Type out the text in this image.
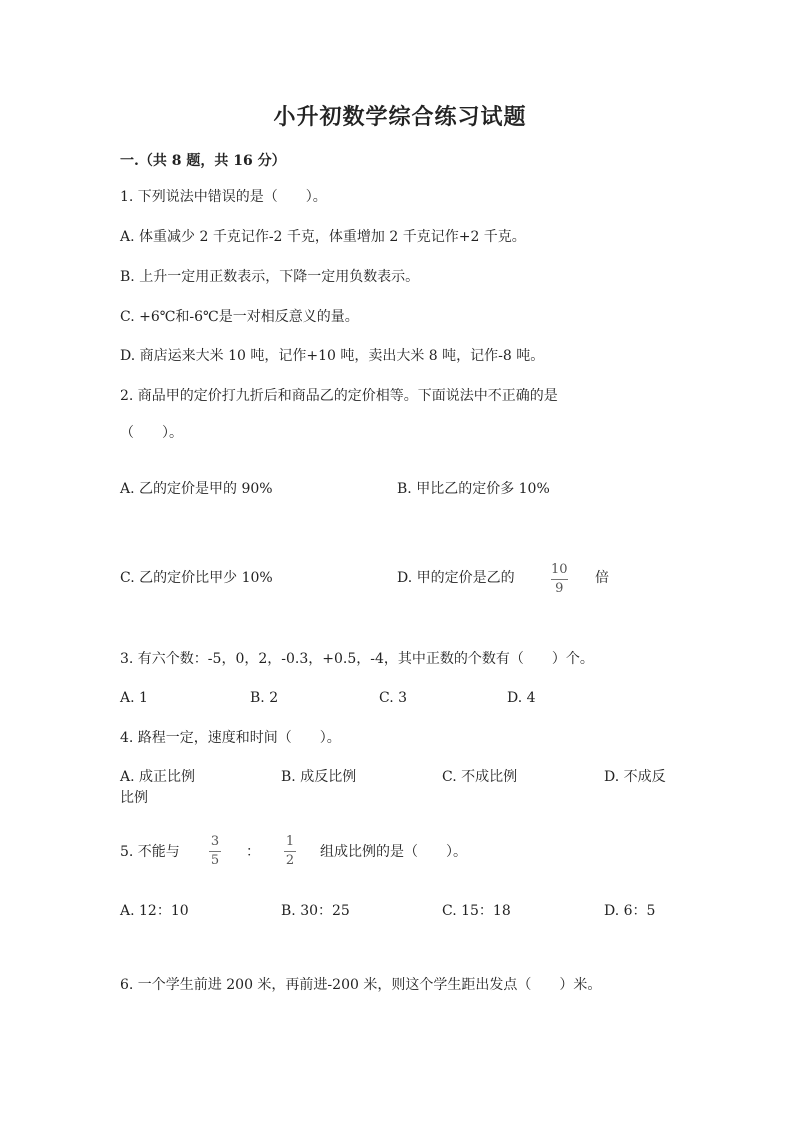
小升初数学综合练习试题
一.（共 8 题，共 16 分）
1. 下列说法中错误的是（　　）。
A. 体重减少 2 千克记作-2 千克，体重增加 2 千克记作+2 千克。
B. 上升一定用正数表示，下降一定用负数表示。
C. +6℃和-6℃是一对相反意义的量。
D. 商店运来大米 10 吨，记作+10 吨，卖出大米 8 吨，记作-8 吨。
2. 商品甲的定价打九折后和商品乙的定价相等。下面说法中不正确的是
（　　）。
A. 乙的定价是甲的 90%	B. 甲比乙的定价多 10%
C. 乙的定价比甲少 10%	D. 甲的定价是乙的
10
9
倍
3. 有六个数：-5，0，2，-0.3，+0.5，-4，其中正数的个数有（　　）个。
A. 1	B. 2	C. 3	D. 4
4. 路程一定，速度和时间（　　）。
A. 成正比例	B. 成反比例	C. 不成比例	D. 不成反
比例
5. 不能与
3
5
：
1
2
组成比例的是（　　）。
A. 12：10	B. 30：25	C. 15：18	D. 6：5
6. 一个学生前进 200 米，再前进-200 米，则这个学生距出发点（　　）米。
